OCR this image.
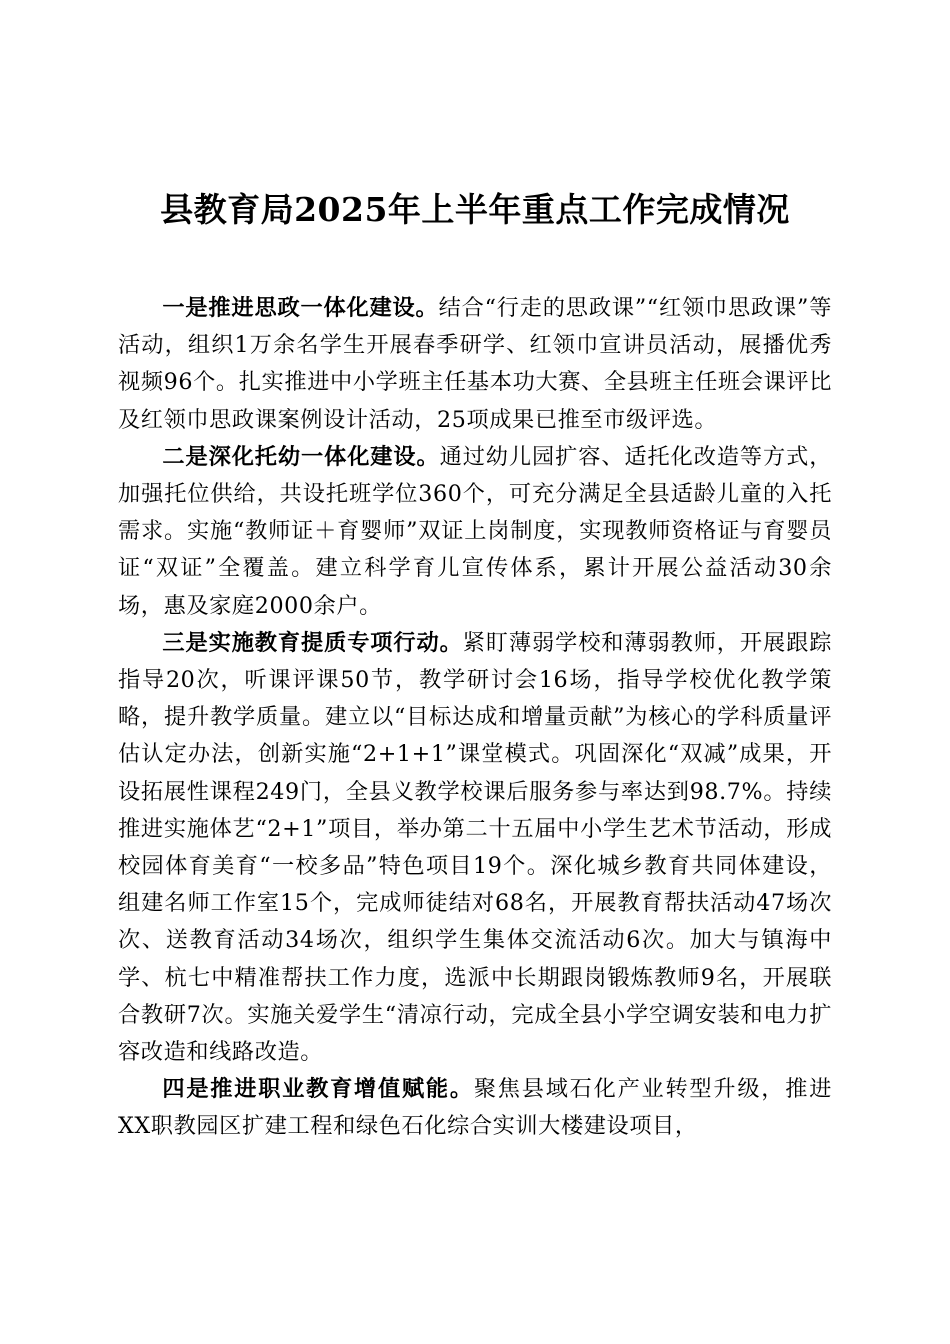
县教育局2025年上半年重点工作完成情况

一是推进思政一体化建设。结合“行走的思政课”“红领巾思政课”等活动，组织1万余名学生开展春季研学、红领巾宣讲员活动，展播优秀视频96个。扎实推进中小学班主任基本功大赛、全县班主任班会课评比及红领巾思政课案例设计活动，25项成果已推至市级评选。

二是深化托幼一体化建设。通过幼儿园扩容、适托化改造等方式，加强托位供给，共设托班学位360个，可充分满足全县适龄儿童的入托需求。实施“教师证＋育婴师”双证上岗制度，实现教师资格证与育婴员证“双证”全覆盖。建立科学育儿宣传体系，累计开展公益活动30余场，惠及家庭2000余户。

三是实施教育提质专项行动。紧盯薄弱学校和薄弱教师，开展跟踪指导20次，听课评课50节，教学研讨会16场，指导学校优化教学策略，提升教学质量。建立以“目标达成和增量贡献”为核心的学科质量评估认定办法，创新实施“2+1+1”课堂模式。巩固深化“双减”成果，开设拓展性课程249门，全县义教学校课后服务参与率达到98.7%。持续推进实施体艺“2+1”项目，举办第二十五届中小学生艺术节活动，形成校园体育美育“一校多品”特色项目19个。深化城乡教育共同体建设，组建名师工作室15个，完成师徒结对68名，开展教育帮扶活动47场次次、送教育活动34场次，组织学生集体交流活动6次。加大与镇海中学、杭七中精准帮扶工作力度，选派中长期跟岗锻炼教师9名，开展联合教研7次。实施关爱学生“清凉行动，完成全县小学空调安装和电力扩容改造和线路改造。

四是推进职业教育增值赋能。聚焦县域石化产业转型升级，推进XX职教园区扩建工程和绿色石化综合实训大楼建设项目，
